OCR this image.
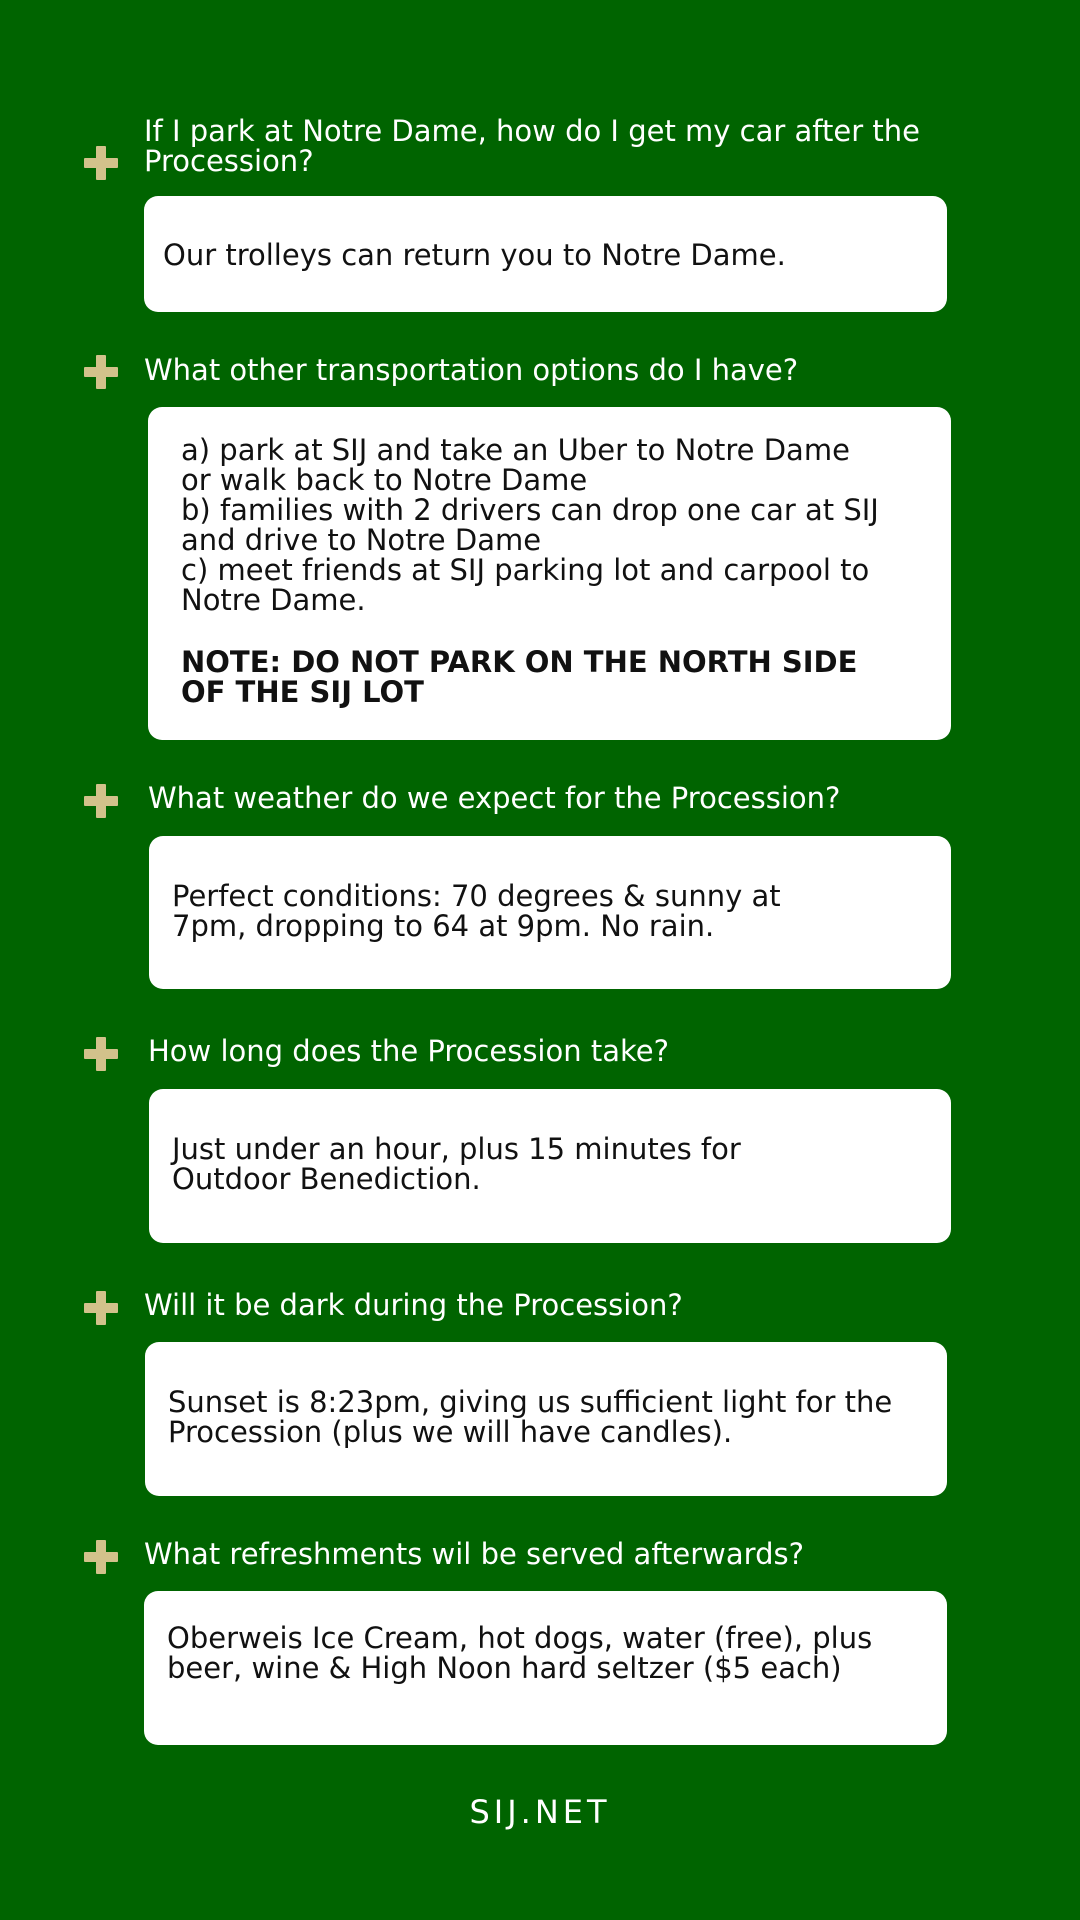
If I park at Notre Dame, how do I get my car after the Procession?
Our trolleys can return you to Notre Dame.
What other transportation options do I have?
a) park at SIJ and take an Uber to Notre Dame or walk back to Notre Dame
b) families with 2 drivers can drop one car at SIJ and drive to Notre Dame
c) meet friends at SIJ parking lot and carpool to Notre Dame.
NOTE: DO NOT PARK ON THE NORTH SIDE OF THE SIJ LOT
What weather do we expect for the Procession?
Perfect conditions: 70 degrees & sunny at 7pm, dropping to 64 at 9pm. No rain.
How long does the Procession take?
Just under an hour, plus 15 minutes for Outdoor Benediction.
Will it be dark during the Procession?
Sunset is 8:23pm, giving us sufficient light for the Procession (plus we will have candles).
What refreshments wil be served afterwards?
Oberweis Ice Cream, hot dogs, water (free), plus beer, wine & High Noon hard seltzer ($5 each)
SIJ.NET
